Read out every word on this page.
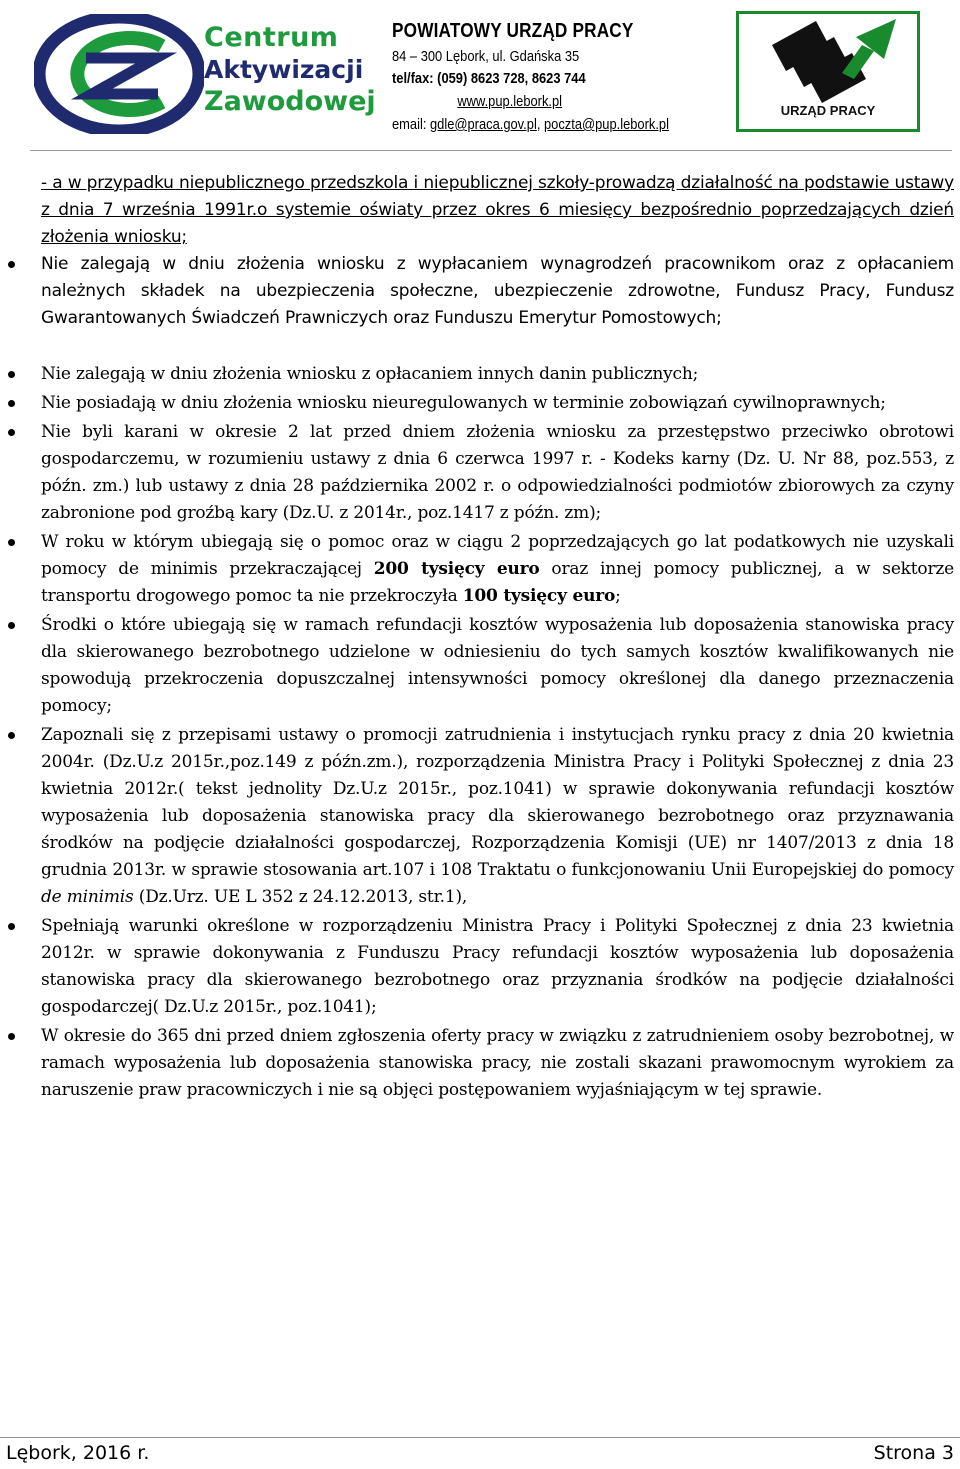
Centrum
Aktywizacji
Zawodowej
POWIATOWY URZĄD PRACY
84 – 300 Lębork, ul. Gdańska 35
tel/fax: (059) 8623 728, 8623 744
www.pup.lebork.pl
email: gdle@praca.gov.pl, poczta@pup.lebork.pl
URZĄD PRACY

- a w przypadku niepublicznego przedszkola i niepublicznej szkoły-prowadzą działalność na podstawie ustawy z dnia 7 września 1991r.o systemie oświaty przez okres 6 miesięcy bezpośrednio poprzedzających dzień złożenia wniosku;

Nie zalegają w dniu złożenia wniosku z wypłacaniem wynagrodzeń pracownikom oraz z opłacaniem należnych składek na ubezpieczenia społeczne, ubezpieczenie zdrowotne, Fundusz Pracy, Fundusz Gwarantowanych Świadczeń Prawniczych oraz Funduszu Emerytur Pomostowych;

Nie zalegają w dniu złożenia wniosku z opłacaniem innych danin publicznych;

Nie posiadają w dniu złożenia wniosku nieuregulowanych w terminie zobowiązań cywilnoprawnych;

Nie byli karani w okresie 2 lat przed dniem złożenia wniosku za przestępstwo przeciwko obrotowi gospodarczemu, w rozumieniu ustawy z dnia 6 czerwca 1997 r. - Kodeks karny (Dz. U. Nr 88, poz.553, z późn. zm.) lub ustawy z dnia 28 października 2002 r. o odpowiedzialności podmiotów zbiorowych za czyny zabronione pod groźbą kary (Dz.U. z 2014r., poz.1417 z późn. zm);

W roku w którym ubiegają się o pomoc oraz w ciągu 2 poprzedzających go lat podatkowych nie uzyskali pomocy de minimis przekraczającej 200 tysięcy euro oraz innej pomocy publicznej, a w sektorze transportu drogowego pomoc ta nie przekroczyła 100 tysięcy euro;

Środki o które ubiegają się w ramach refundacji kosztów wyposażenia lub doposażenia stanowiska pracy dla skierowanego bezrobotnego udzielone w odniesieniu do tych samych kosztów kwalifikowanych nie spowodują przekroczenia dopuszczalnej intensywności pomocy określonej dla danego przeznaczenia pomocy;

Zapoznali się z przepisami ustawy o promocji zatrudnienia i instytucjach rynku pracy z dnia 20 kwietnia 2004r. (Dz.U.z 2015r.,poz.149 z późn.zm.), rozporządzenia Ministra Pracy i Polityki Społecznej z dnia 23 kwietnia 2012r.( tekst jednolity Dz.U.z 2015r., poz.1041) w sprawie dokonywania refundacji kosztów wyposażenia lub doposażenia stanowiska pracy dla skierowanego bezrobotnego oraz przyznawania środków na podjęcie działalności gospodarczej, Rozporządzenia Komisji (UE) nr 1407/2013 z dnia 18 grudnia 2013r. w sprawie stosowania art.107 i 108 Traktatu o funkcjonowaniu Unii Europejskiej do pomocy de minimis (Dz.Urz. UE L 352 z 24.12.2013, str.1),

Spełniają warunki określone w rozporządzeniu Ministra Pracy i Polityki Społecznej z dnia 23 kwietnia 2012r. w sprawie dokonywania z Funduszu Pracy refundacji kosztów wyposażenia lub doposażenia stanowiska pracy dla skierowanego bezrobotnego oraz przyznania środków na podjęcie działalności gospodarczej( Dz.U.z 2015r., poz.1041);

W okresie do 365 dni przed dniem zgłoszenia oferty pracy w związku z zatrudnieniem osoby bezrobotnej, w ramach wyposażenia lub doposażenia stanowiska pracy, nie zostali skazani prawomocnym wyrokiem za naruszenie praw pracowniczych i nie są objęci postępowaniem wyjaśniającym w tej sprawie.

Lębork, 2016 r.	Strona 3
